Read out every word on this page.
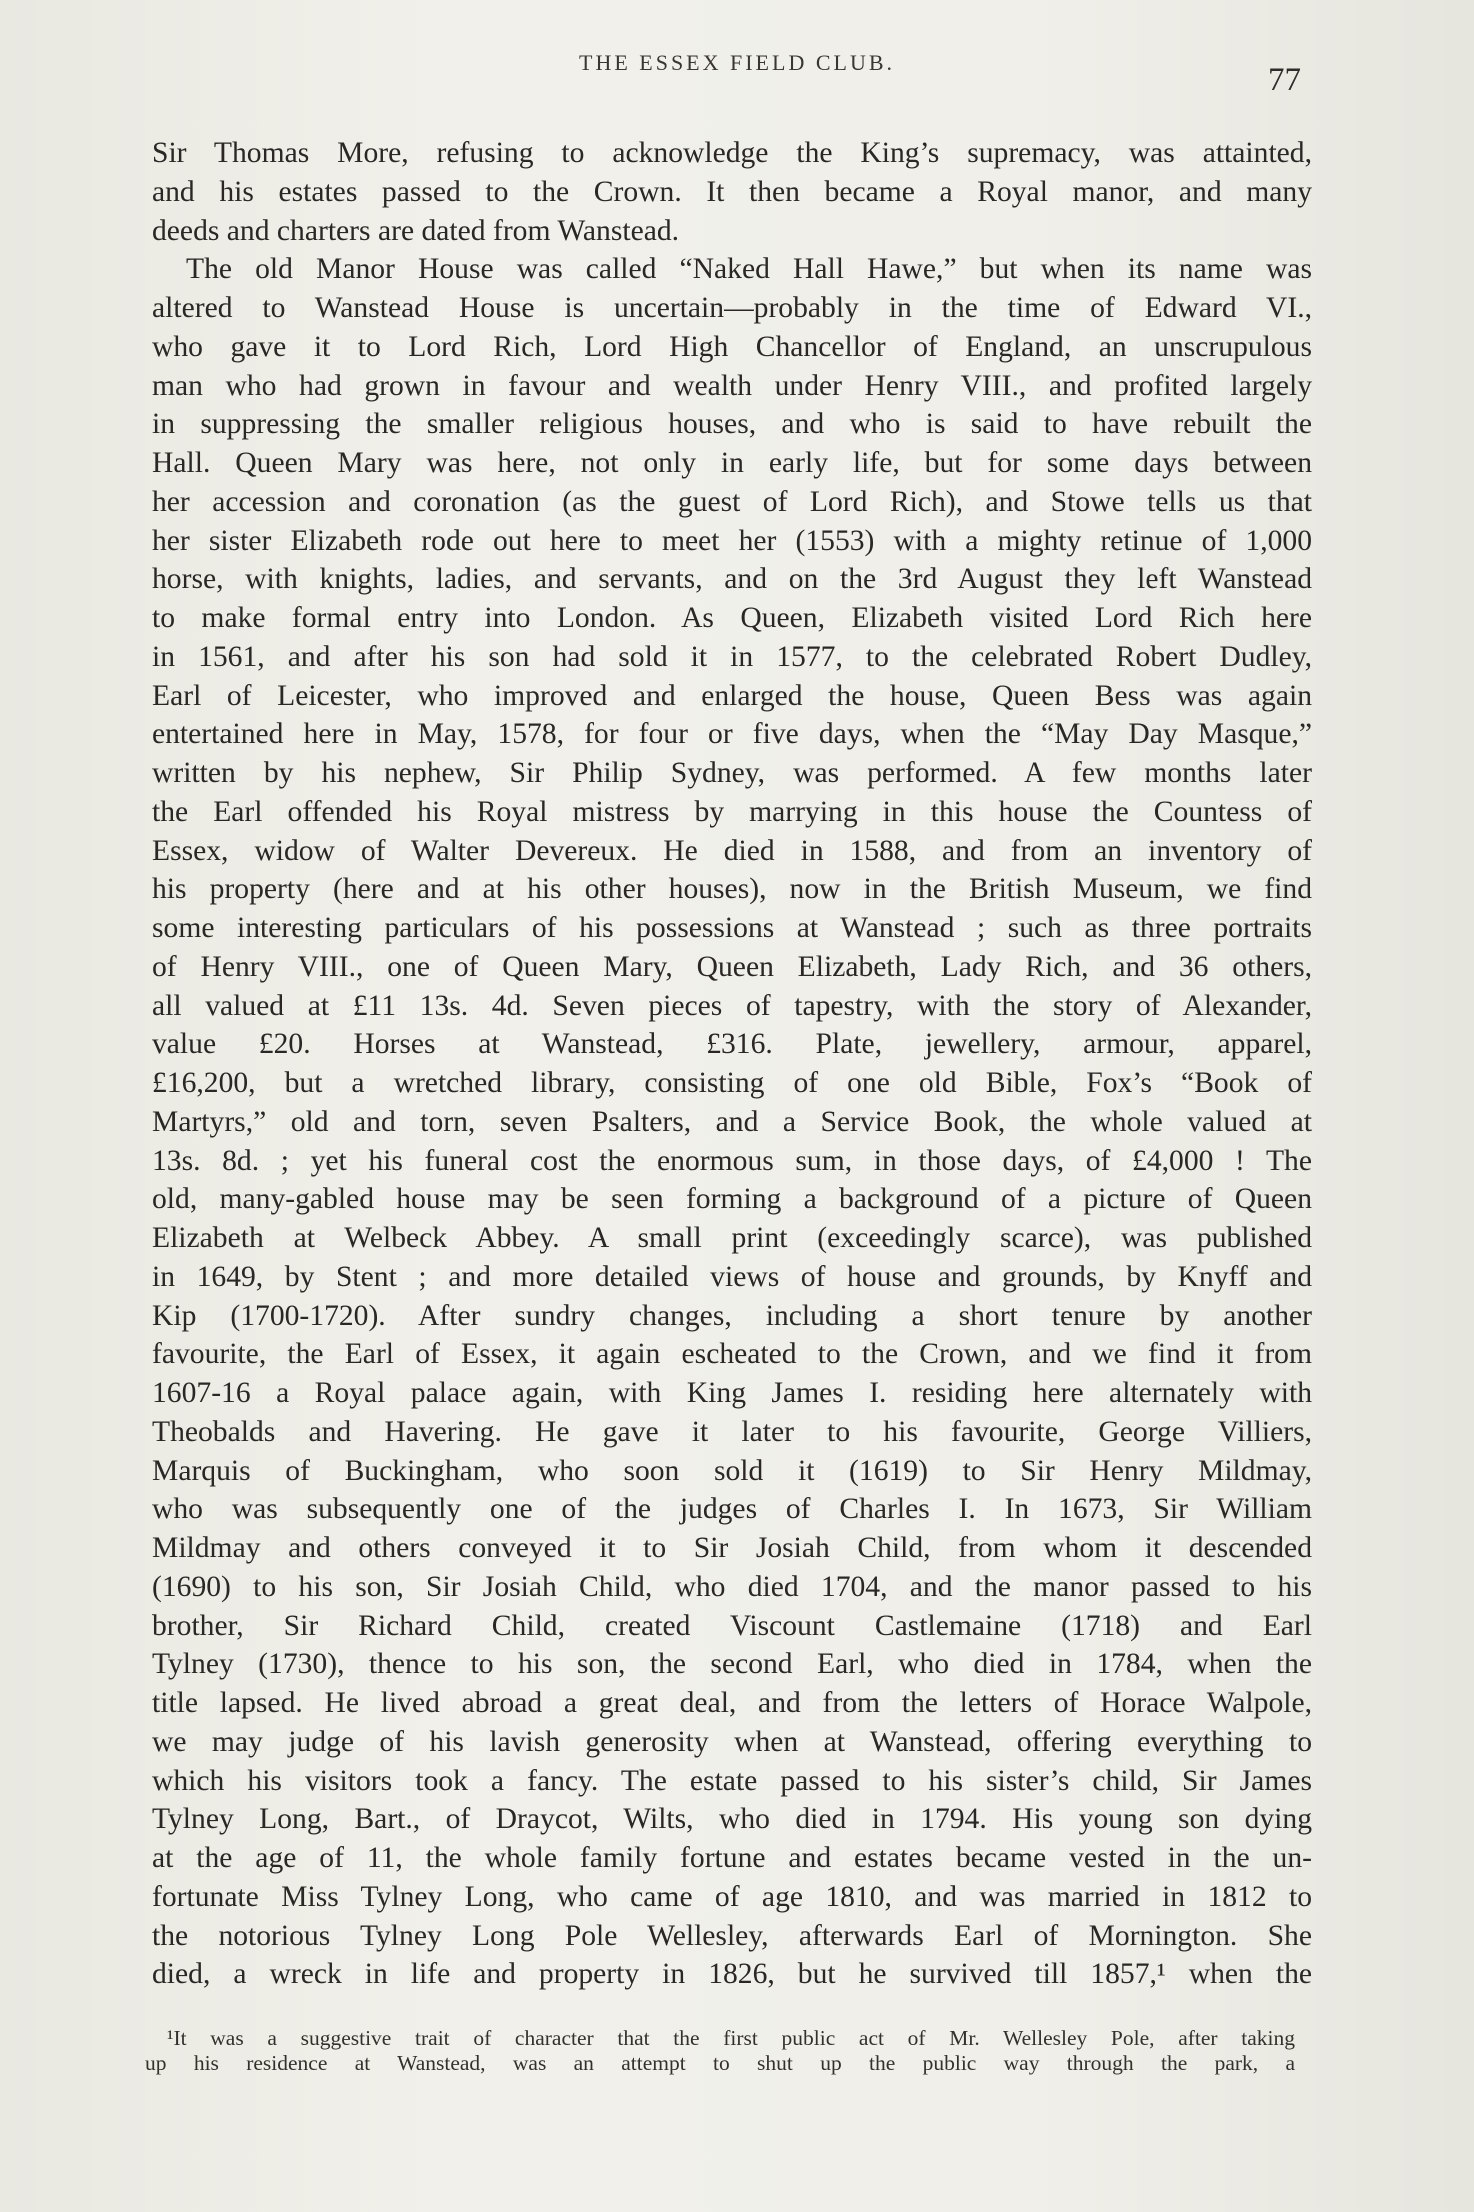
THE ESSEX FIELD CLUB.	77
Sir Thomas More, refusing to acknowledge the King’s supremacy, was attainted,
and his estates passed to the Crown. It then became a Royal manor, and many
deeds and charters are dated from Wanstead.
The old Manor House was called “Naked Hall Hawe,” but when its name was
altered to Wanstead House is uncertain—probably in the time of Edward VI.,
who gave it to Lord Rich, Lord High Chancellor of England, an unscrupulous
man who had grown in favour and wealth under Henry VIII., and profited largely
in suppressing the smaller religious houses, and who is said to have rebuilt the
Hall. Queen Mary was here, not only in early life, but for some days between
her accession and coronation (as the guest of Lord Rich), and Stowe tells us that
her sister Elizabeth rode out here to meet her (1553) with a mighty retinue of 1,000
horse, with knights, ladies, and servants, and on the 3rd August they left Wanstead
to make formal entry into London. As Queen, Elizabeth visited Lord Rich here
in 1561, and after his son had sold it in 1577, to the celebrated Robert Dudley,
Earl of Leicester, who improved and enlarged the house, Queen Bess was again
entertained here in May, 1578, for four or five days, when the “May Day Masque,”
written by his nephew, Sir Philip Sydney, was performed. A few months later
the Earl offended his Royal mistress by marrying in this house the Countess of
Essex, widow of Walter Devereux. He died in 1588, and from an inventory of
his property (here and at his other houses), now in the British Museum, we find
some interesting particulars of his possessions at Wanstead ; such as three portraits
of Henry VIII., one of Queen Mary, Queen Elizabeth, Lady Rich, and 36 others,
all valued at £11 13s. 4d. Seven pieces of tapestry, with the story of Alexander,
value £20. Horses at Wanstead, £316. Plate, jewellery, armour, apparel,
£16,200, but a wretched library, consisting of one old Bible, Fox’s “Book of
Martyrs,” old and torn, seven Psalters, and a Service Book, the whole valued at
13s. 8d. ; yet his funeral cost the enormous sum, in those days, of £4,000 ! The
old, many-gabled house may be seen forming a background of a picture of Queen
Elizabeth at Welbeck Abbey. A small print (exceedingly scarce), was published
in 1649, by Stent ; and more detailed views of house and grounds, by Knyff and
Kip (1700-1720). After sundry changes, including a short tenure by another
favourite, the Earl of Essex, it again escheated to the Crown, and we find it from
1607-16 a Royal palace again, with King James I. residing here alternately with
Theobalds and Havering. He gave it later to his favourite, George Villiers,
Marquis of Buckingham, who soon sold it (1619) to Sir Henry Mildmay,
who was subsequently one of the judges of Charles I. In 1673, Sir William
Mildmay and others conveyed it to Sir Josiah Child, from whom it descended
(1690) to his son, Sir Josiah Child, who died 1704, and the manor passed to his
brother, Sir Richard Child, created Viscount Castlemaine (1718) and Earl
Tylney (1730), thence to his son, the second Earl, who died in 1784, when the
title lapsed. He lived abroad a great deal, and from the letters of Horace Walpole,
we may judge of his lavish generosity when at Wanstead, offering everything to
which his visitors took a fancy. The estate passed to his sister’s child, Sir James
Tylney Long, Bart., of Draycot, Wilts, who died in 1794. His young son dying
at the age of 11, the whole family fortune and estates became vested in the un-
fortunate Miss Tylney Long, who came of age 1810, and was married in 1812 to
the notorious Tylney Long Pole Wellesley, afterwards Earl of Mornington. She
died, a wreck in life and property in 1826, but he survived till 1857,¹ when the
¹It was a suggestive trait of character that the first public act of Mr. Wellesley Pole, after taking
up his residence at Wanstead, was an attempt to shut up the public way through the park, a
